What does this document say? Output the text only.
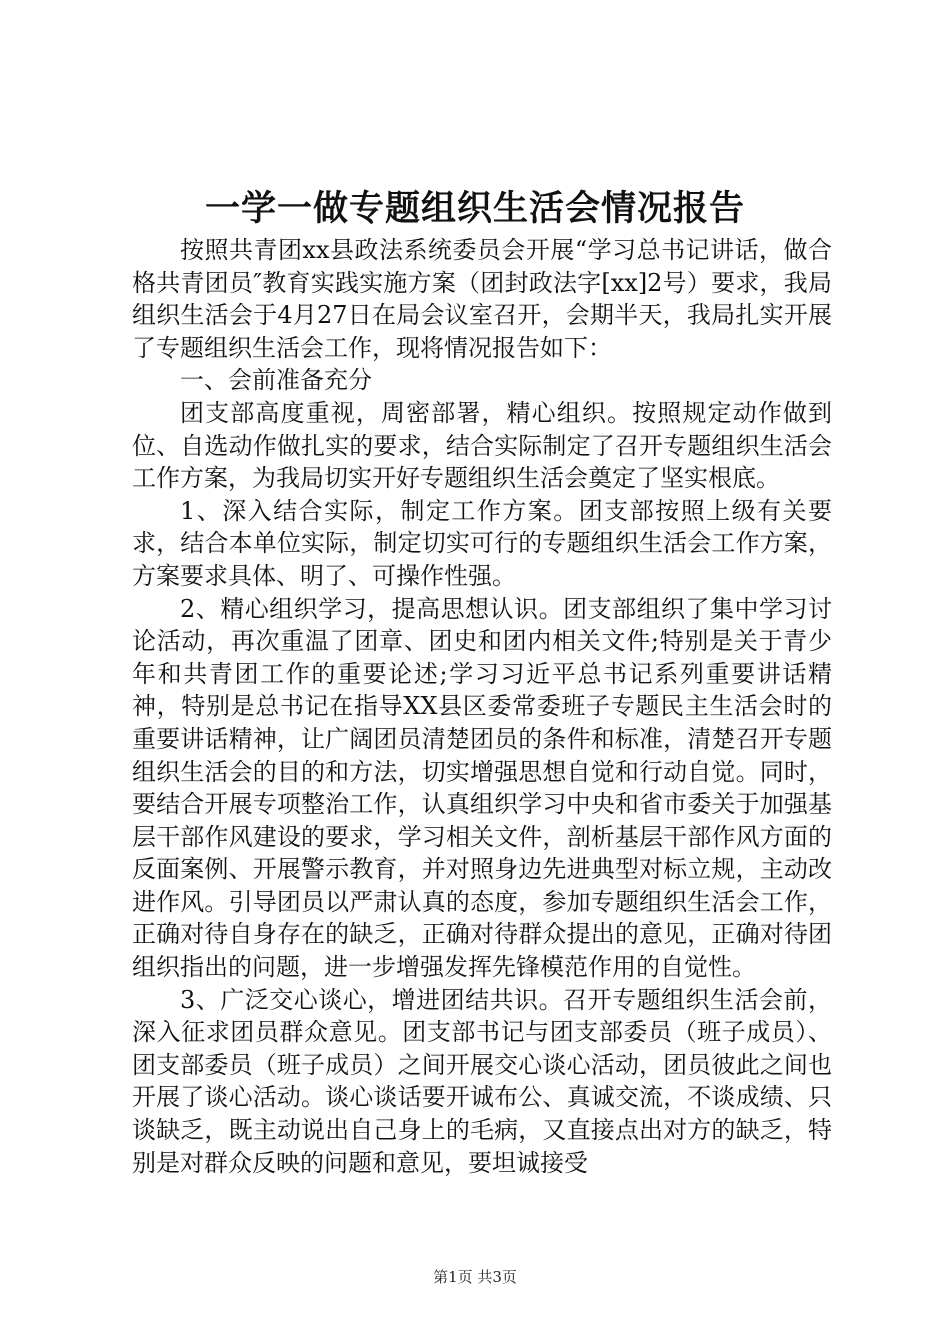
一学一做专题组织生活会情况报告

按照共青团xx县政法系统委员会开展“学习总书记讲话，做合格共青团员″教育实践实施方案（团封政法字[xx]2号）要求，我局组织生活会于4月27日在局会议室召开，会期半天，我局扎实开展了专题组织生活会工作，现将情况报告如下：

一、会前准备充分

团支部高度重视，周密部署，精心组织。按照规定动作做到位、自选动作做扎实的要求，结合实际制定了召开专题组织生活会工作方案，为我局切实开好专题组织生活会奠定了坚实根底。

1、深入结合实际，制定工作方案。团支部按照上级有关要求，结合本单位实际，制定切实可行的专题组织生活会工作方案，方案要求具体、明了、可操作性强。

2、精心组织学习，提高思想认识。团支部组织了集中学习讨论活动，再次重温了团章、团史和团内相关文件;特别是关于青少年和共青团工作的重要论述;学习习近平总书记系列重要讲话精神，特别是总书记在指导XX县区委常委班子专题民主生活会时的重要讲话精神，让广阔团员清楚团员的条件和标准，清楚召开专题组织生活会的目的和方法，切实增强思想自觉和行动自觉。同时，要结合开展专项整治工作，认真组织学习中央和省市委关于加强基层干部作风建设的要求，学习相关文件，剖析基层干部作风方面的反面案例、开展警示教育，并对照身边先进典型对标立规，主动改进作风。引导团员以严肃认真的态度，参加专题组织生活会工作，正确对待自身存在的缺乏，正确对待群众提出的意见，正确对待团组织指出的问题，进一步增强发挥先锋模范作用的自觉性。

3、广泛交心谈心，增进团结共识。召开专题组织生活会前，深入征求团员群众意见。团支部书记与团支部委员（班子成员）、团支部委员（班子成员）之间开展交心谈心活动，团员彼此之间也开展了谈心活动。谈心谈话要开诚布公、真诚交流，不谈成绩、只谈缺乏，既主动说出自己身上的毛病，又直接点出对方的缺乏，特别是对群众反映的问题和意见，要坦诚接受

第1页 共3页
